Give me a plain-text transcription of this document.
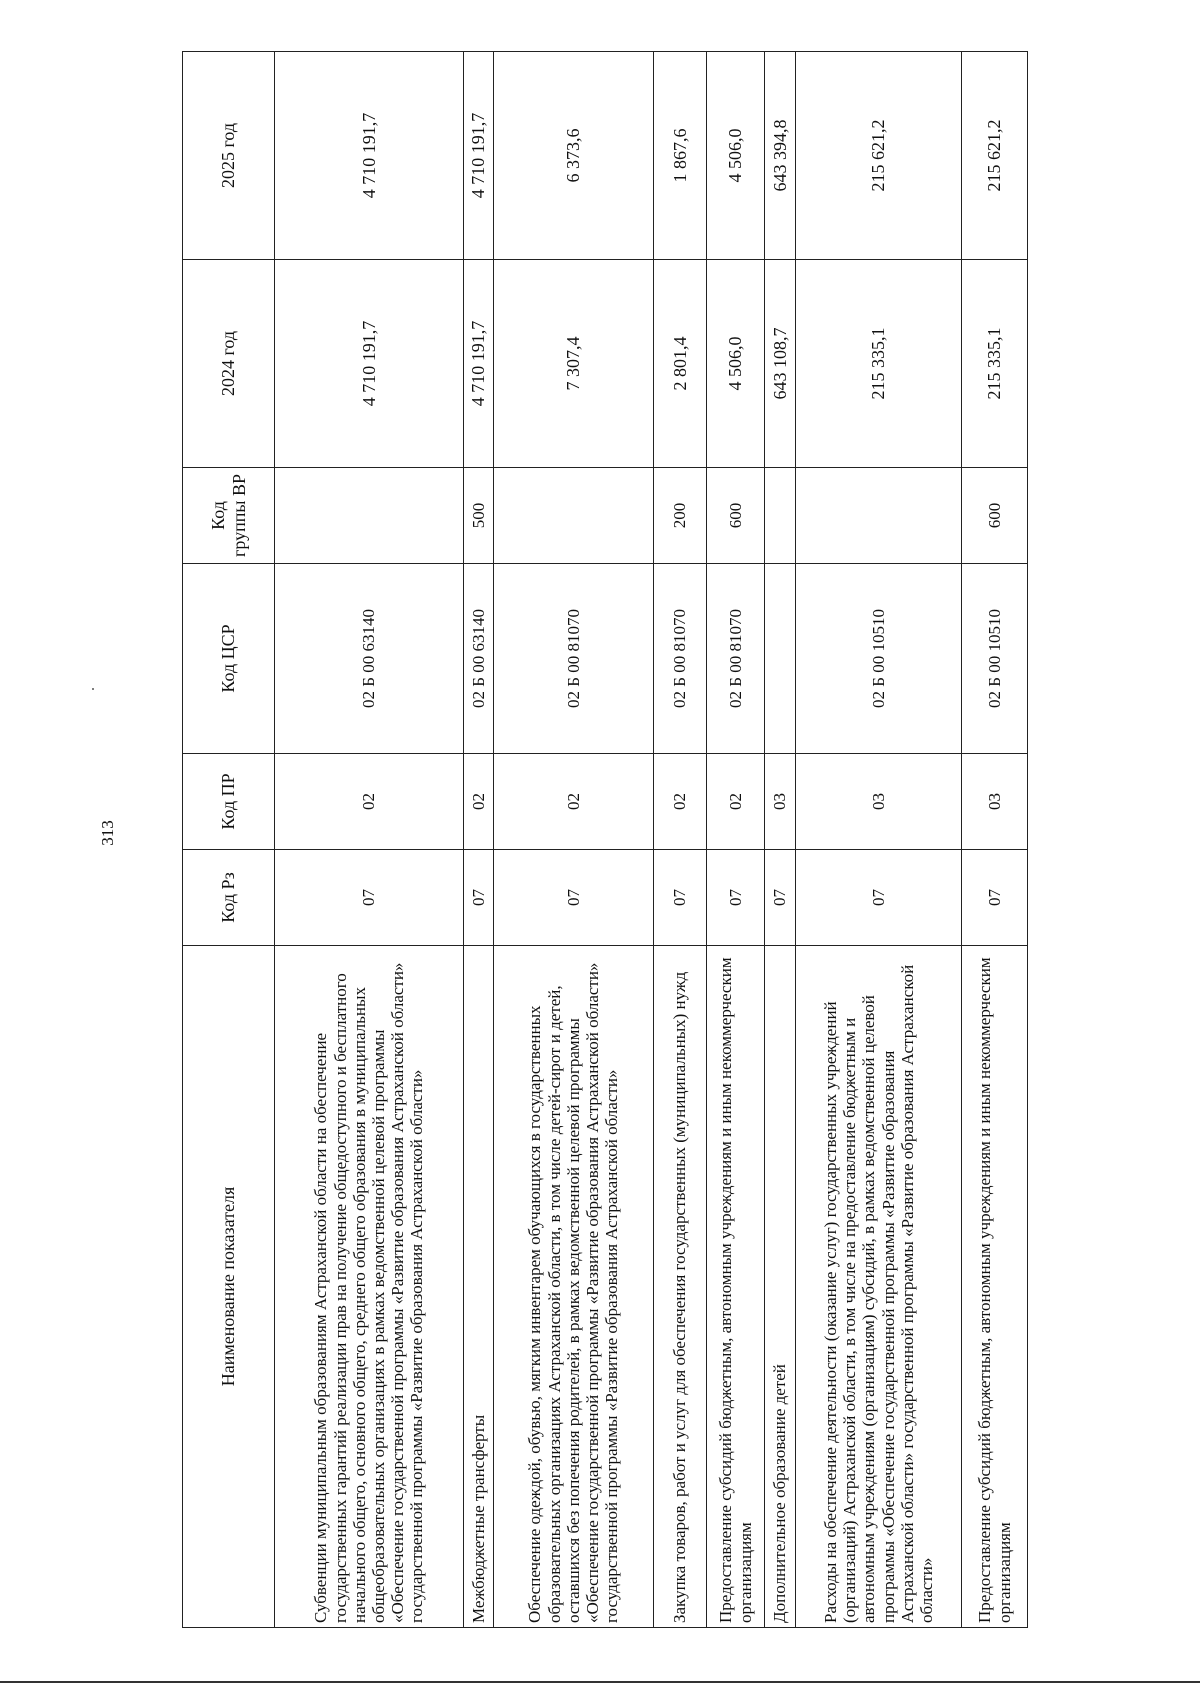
313
Наименование показателя	Код Рз	Код ПР	Код ЦСР	Код группы ВР	2024 год	2025 год
Субвенции муниципальным образованиям Астраханской области на обеспечение государственных гарантий реализации прав на получение общедоступного и бесплатного начального общего, основного общего, среднего общего образования в муниципальных общеобразовательных организациях в рамках ведомственной целевой программы «Обеспечение государственной программы «Развитие образования Астраханской области» государственной программы «Развитие образования Астраханской области»	07	02	02 Б 00 63140		4 710 191,7	4 710 191,7
Межбюджетные трансферты	07	02	02 Б 00 63140	500	4 710 191,7	4 710 191,7
Обеспечение одеждой, обувью, мягким инвентарем обучающихся в государственных образовательных организациях Астраханской области, в том числе детей-сирот и детей, оставшихся без попечения родителей, в рамках ведомственной целевой программы «Обеспечение государственной программы «Развитие образования Астраханской области» государственной программы «Развитие образования Астраханской области»	07	02	02 Б 00 81070		7 307,4	6 373,6
Закупка товаров, работ и услуг для обеспечения государственных (муниципальных) нужд	07	02	02 Б 00 81070	200	2 801,4	1 867,6
Предоставление субсидий бюджетным, автономным учреждениям и иным некоммерческим организациям	07	02	02 Б 00 81070	600	4 506,0	4 506,0
Дополнительное образование детей	07	03			643 108,7	643 394,8
Расходы на обеспечение деятельности (оказание услуг) государственных учреждений (организаций) Астраханской области, в том числе на предоставление бюджетным и автономным учреждениям (организациям) субсидий, в рамках ведомственной целевой программы «Обеспечение государственной программы «Развитие образования Астраханской области» государственной программы «Развитие образования Астраханской области»	07	03	02 Б 00 10510		215 335,1	215 621,2
Предоставление субсидий бюджетным, автономным учреждениям и иным некоммерческим организациям	07	03	02 Б 00 10510	600	215 335,1	215 621,2
